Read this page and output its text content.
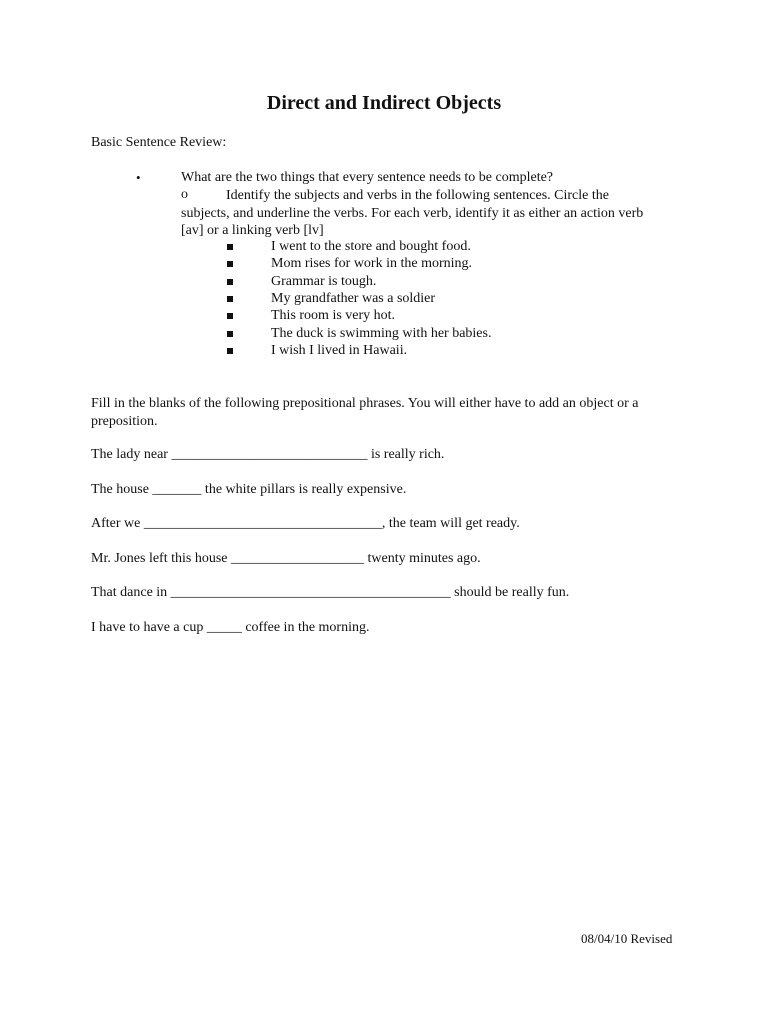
Direct and Indirect Objects
Basic Sentence Review:
•	What are the two things that every sentence needs to be complete?
o	Identify the subjects and verbs in the following sentences. Circle the subjects, and underline the verbs. For each verb, identify it as either an action verb [av] or a linking verb [lv]
I went to the store and bought food.
Mom rises for work in the morning.
Grammar is tough.
My grandfather was a soldier
This room is very hot.
The duck is swimming with her babies.
I wish I lived in Hawaii.
Fill in the blanks of the following prepositional phrases. You will either have to add an object or a preposition.
The lady near ____________________________ is really rich.
The house _______ the white pillars is really expensive.
After we __________________________________, the team will get ready.
Mr. Jones left this house ___________________ twenty minutes ago.
That dance in ________________________________________ should be really fun.
I have to have a cup _____ coffee in the morning.
08/04/10 Revised
